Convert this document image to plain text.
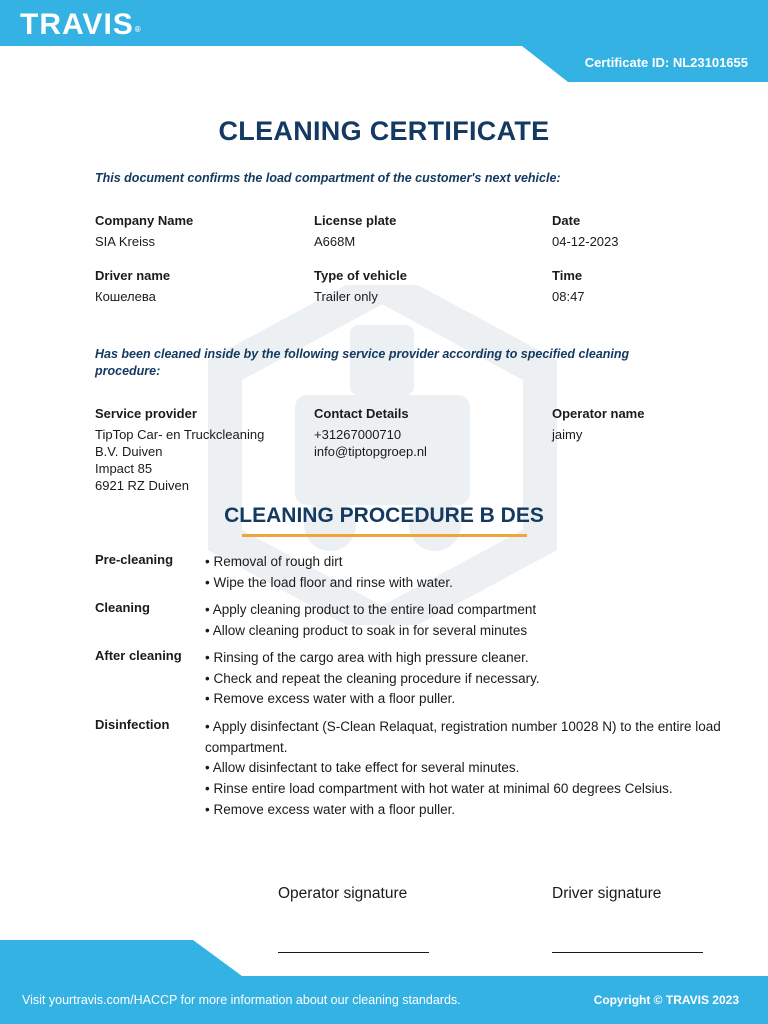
TRAVIS®
Certificate ID: NL23101655
CLEANING CERTIFICATE
This document confirms the load compartment of the customer's next vehicle:
Company Name
SIA Kreiss
License plate
A668M
Date
04-12-2023
Driver name
Кошелева
Type of vehicle
Trailer only
Time
08:47
Has been cleaned inside by the following service provider according to specified cleaning procedure:
Service provider
TipTop Car- en Truckcleaning
B.V. Duiven
Impact 85
6921 RZ Duiven
Contact Details
+31267000710
info@tiptopgroep.nl
Operator name
jaimy
CLEANING PROCEDURE B DES
Pre-cleaning • Removal of rough dirt
• Wipe the load floor and rinse with water.
Cleaning	• Apply cleaning product to the entire load compartment
• Allow cleaning product to soak in for several minutes
After cleaning • Rinsing of the cargo area with high pressure cleaner.
• Check and repeat the cleaning procedure if necessary.
• Remove excess water with a floor puller.
Disinfection	• Apply disinfectant (S-Clean Relaquat, registration number 10028 N) to the entire load compartment.
• Allow disinfectant to take effect for several minutes.
• Rinse entire load compartment with hot water at minimal 60 degrees Celsius.
• Remove excess water with a floor puller.
Operator signature	Driver signature
Visit yourtravis.com/HACCP for more information about our cleaning standards.	Copyright © TRAVIS 2023
